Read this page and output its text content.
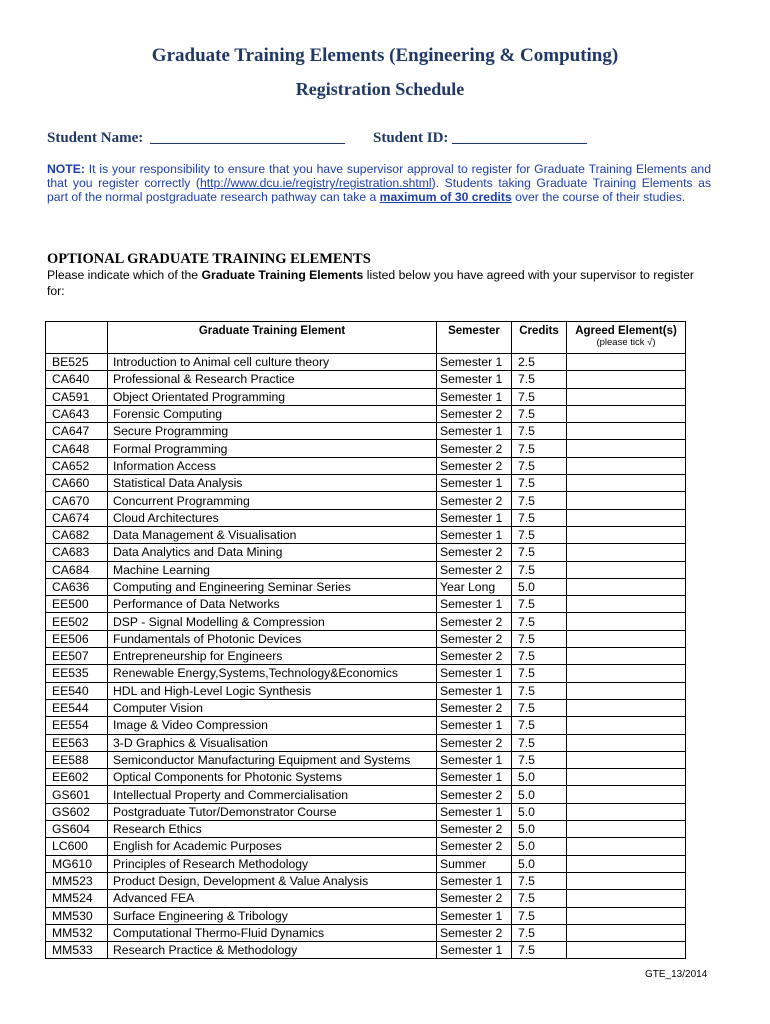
Graduate Training Elements (Engineering & Computing)
Registration Schedule
Student Name: __________________________ Student ID: __________________
NOTE: It is your responsibility to ensure that you have supervisor approval to register for Graduate Training Elements and that you register correctly (http://www.dcu.ie/registry/registration.shtml). Students taking Graduate Training Elements as part of the normal postgraduate research pathway can take a maximum of 30 credits over the course of their studies.
OPTIONAL GRADUATE TRAINING ELEMENTS
Please indicate which of the Graduate Training Elements listed below you have agreed with your supervisor to register for:
	Graduate Training Element	Semester	Credits	Agreed Element(s)
(please tick √)

BE525	Introduction to Animal cell culture theory	Semester 1	2.5	
CA640	Professional & Research Practice	Semester 1	7.5	
CA591	Object Orientated Programming	Semester 1	7.5	
CA643	Forensic Computing	Semester 2	7.5	
CA647	Secure Programming	Semester 1	7.5	
CA648	Formal Programming	Semester 2	7.5	
CA652	Information Access	Semester 2	7.5	
CA660	Statistical Data Analysis	Semester 1	7.5	
CA670	Concurrent Programming	Semester 2	7.5	
CA674	Cloud Architectures	Semester 1	7.5	
CA682	Data Management & Visualisation	Semester 1	7.5	
CA683	Data Analytics and Data Mining	Semester 2	7.5	
CA684	Machine Learning	Semester 2	7.5	
CA636	Computing and Engineering Seminar Series	Year Long	5.0	
EE500	Performance of Data Networks	Semester 1	7.5	
EE502	DSP - Signal Modelling & Compression	Semester 2	7.5	
EE506	Fundamentals of Photonic Devices	Semester 2	7.5	
EE507	Entrepreneurship for Engineers	Semester 2	7.5	
EE535	Renewable Energy,Systems,Technology&Economics	Semester 1	7.5	
EE540	HDL and High-Level Logic Synthesis	Semester 1	7.5	
EE544	Computer Vision	Semester 2	7.5	
EE554	Image & Video Compression	Semester 1	7.5	
EE563	3-D Graphics & Visualisation	Semester 2	7.5	
EE588	Semiconductor Manufacturing Equipment and Systems	Semester 1	7.5	
EE602	Optical Components for Photonic Systems	Semester 1	5.0	
GS601	Intellectual Property and Commercialisation	Semester 2	5.0	
GS602	Postgraduate Tutor/Demonstrator Course	Semester 1	5.0	
GS604	Research Ethics	Semester 2	5.0	
LC600	English for Academic Purposes	Semester 2	5.0	
MG610	Principles of Research Methodology	Summer	5.0	
MM523	Product Design, Development & Value Analysis	Semester 1	7.5	
MM524	Advanced FEA	Semester 2	7.5	
MM530	Surface Engineering & Tribology	Semester 1	7.5	
MM532	Computational Thermo-Fluid Dynamics	Semester 2	7.5	
MM533	Research Practice & Methodology	Semester 1	7.5	
GTE_13/2014
